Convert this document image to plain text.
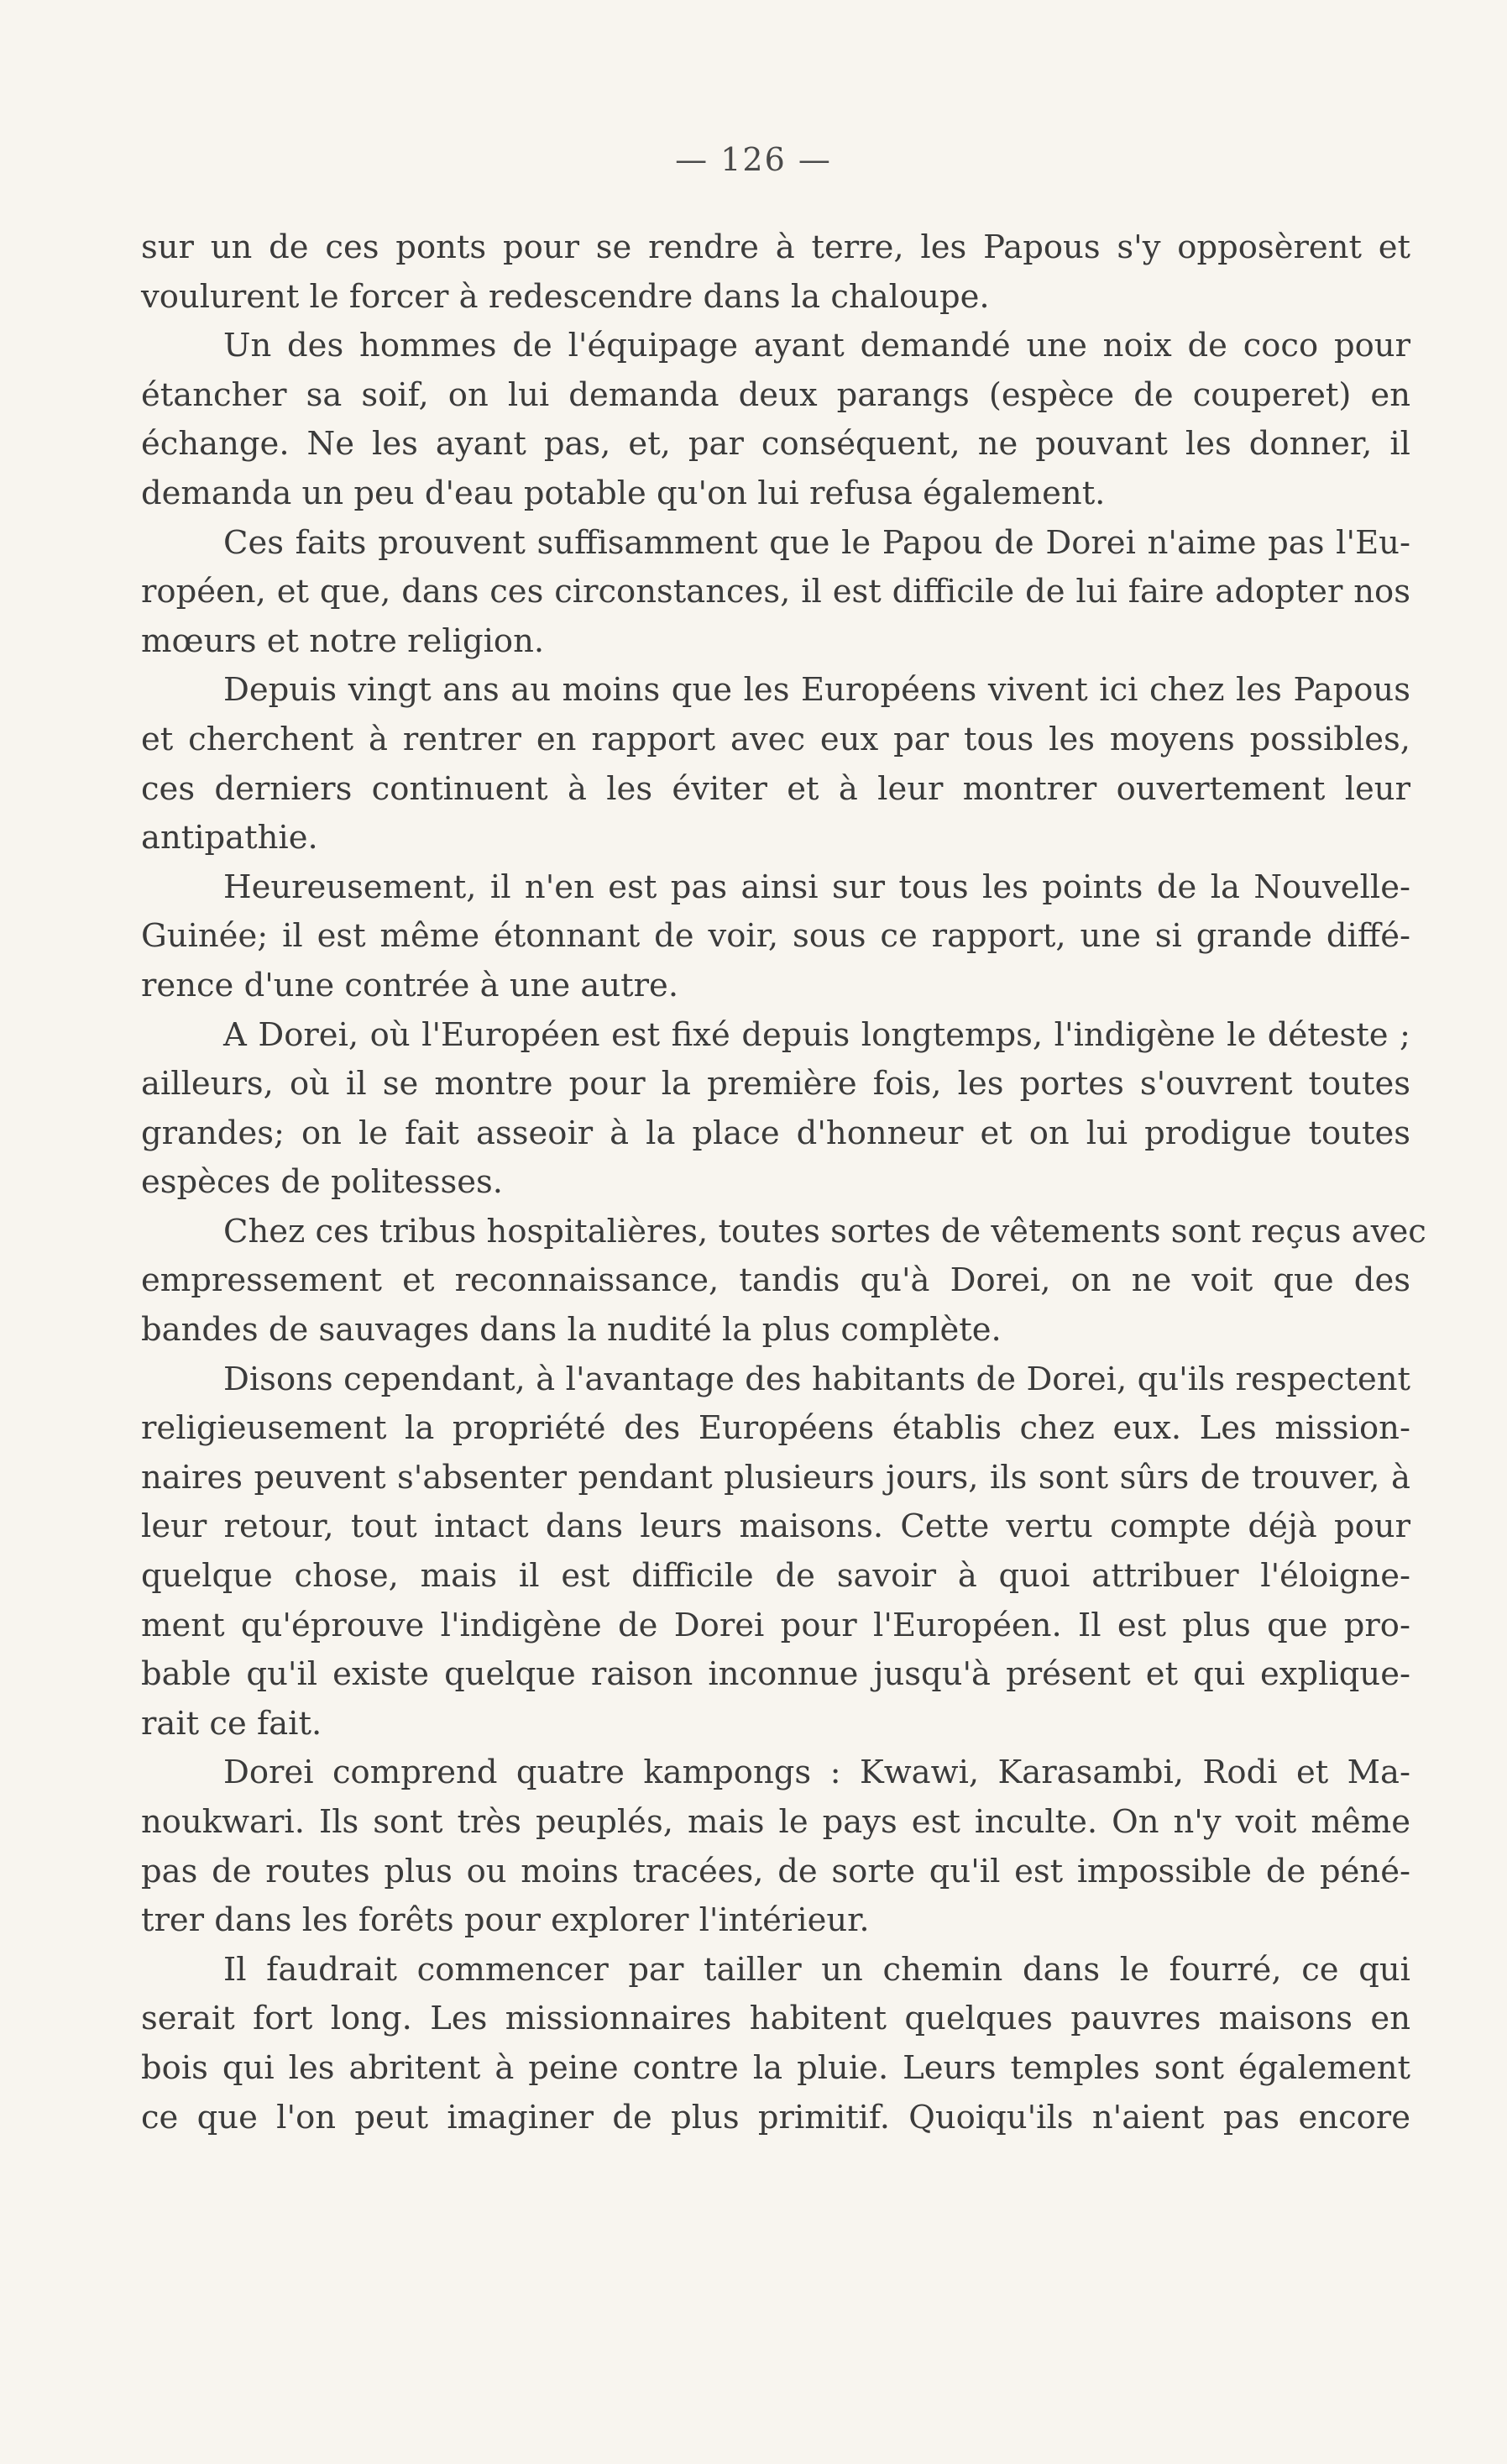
— 126 —
sur un de ces ponts pour se rendre à terre, les Papous s'y opposèrent et
voulurent le forcer à redescendre dans la chaloupe.
Un des hommes de l'équipage ayant demandé une noix de coco pour
étancher sa soif, on lui demanda deux parangs (espèce de couperet) en
échange. Ne les ayant pas, et, par conséquent, ne pouvant les donner, il
demanda un peu d'eau potable qu'on lui refusa également.
Ces faits prouvent suffisamment que le Papou de Dorei n'aime pas l'Eu-
ropéen, et que, dans ces circonstances, il est difficile de lui faire adopter nos
mœurs et notre religion.
Depuis vingt ans au moins que les Européens vivent ici chez les Papous
et cherchent à rentrer en rapport avec eux par tous les moyens possibles,
ces derniers continuent à les éviter et à leur montrer ouvertement leur
antipathie.
Heureusement, il n'en est pas ainsi sur tous les points de la Nouvelle-
Guinée; il est même étonnant de voir, sous ce rapport, une si grande diffé-
rence d'une contrée à une autre.
A Dorei, où l'Européen est fixé depuis longtemps, l'indigène le déteste ;
ailleurs, où il se montre pour la première fois, les portes s'ouvrent toutes
grandes; on le fait asseoir à la place d'honneur et on lui prodigue toutes
espèces de politesses.
Chez ces tribus hospitalières, toutes sortes de vêtements sont reçus avec
empressement et reconnaissance, tandis qu'à Dorei, on ne voit que des
bandes de sauvages dans la nudité la plus complète.
Disons cependant, à l'avantage des habitants de Dorei, qu'ils respectent
religieusement la propriété des Européens établis chez eux. Les mission-
naires peuvent s'absenter pendant plusieurs jours, ils sont sûrs de trouver, à
leur retour, tout intact dans leurs maisons. Cette vertu compte déjà pour
quelque chose, mais il est difficile de savoir à quoi attribuer l'éloigne-
ment qu'éprouve l'indigène de Dorei pour l'Européen. Il est plus que pro-
bable qu'il existe quelque raison inconnue jusqu'à présent et qui explique-
rait ce fait.
Dorei comprend quatre kampongs : Kwawi, Karasambi, Rodi et Ma-
noukwari. Ils sont très peuplés, mais le pays est inculte. On n'y voit même
pas de routes plus ou moins tracées, de sorte qu'il est impossible de péné-
trer dans les forêts pour explorer l'intérieur.
Il faudrait commencer par tailler un chemin dans le fourré, ce qui
serait fort long. Les missionnaires habitent quelques pauvres maisons en
bois qui les abritent à peine contre la pluie. Leurs temples sont également
ce que l'on peut imaginer de plus primitif. Quoiqu'ils n'aient pas encore
